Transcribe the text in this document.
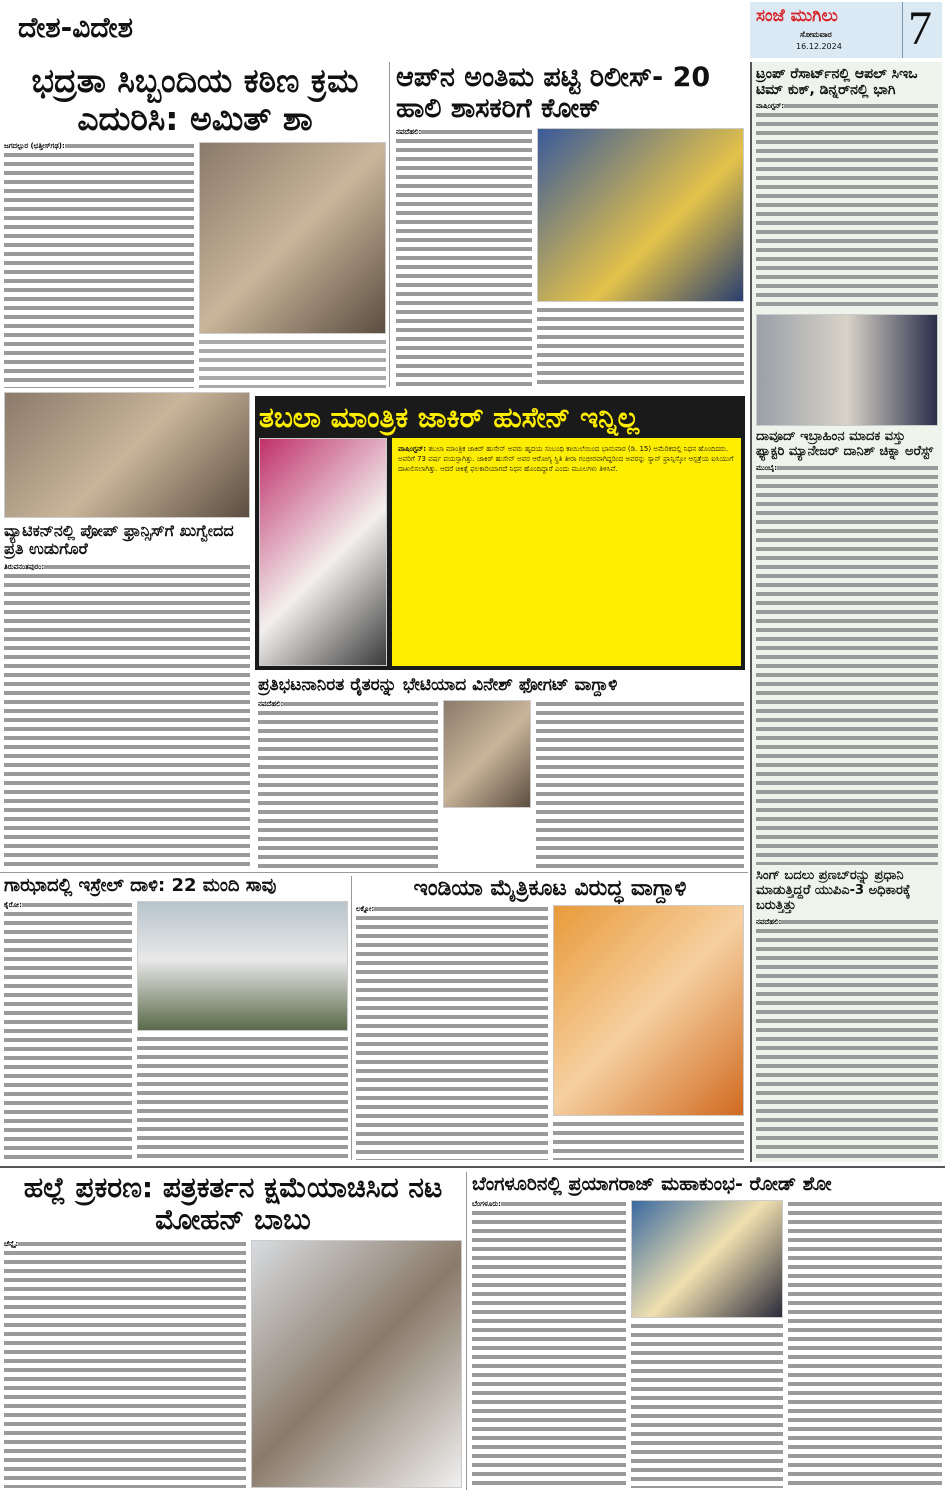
ದೇಶ-ವಿದೇಶ	ಸಂಜೆ ಮುಗಿಲು
ಸೋಮವಾರ
16.12.2024 7
ಭದ್ರತಾ ಸಿಬ್ಬಂದಿಯ ಕಠಿಣ ಕ್ರಮ ಎದುರಿಸಿ: ಅಮಿತ್ ಶಾ
ಜಗದಲ್ಪುರ (ಛತ್ತೀಸ್‌ಗಢ):
ಆಪ್‌ನ ಅಂತಿಮ ಪಟ್ಟಿ ರಿಲೀಸ್- 20 ಹಾಲಿ ಶಾಸಕರಿಗೆ ಕೋಕ್
ನವದೆಹಲಿ:
ಟ್ರಂಪ್ ರೆಸಾರ್ಟ್‌ನಲ್ಲಿ ಆಪಲ್ ಸಿಇಒ ಟಿಮ್ ಕುಕ್, ಡಿನ್ನರ್‌ನಲ್ಲಿ ಭಾಗಿ
ವಾಷಿಂಗ್ಟನ್:
ದಾವೂದ್ ಇಬ್ರಾಹಿಂನ ಮಾದಕ ವಸ್ತು ಫ್ಯಾಕ್ಟರಿ ಮ್ಯಾನೇಜರ್ ದಾನಿಶ್ ಚಿಕ್ನಾ ಅರೆಸ್ಟ್
ಮುಂಬೈ:
ಸಿಂಗ್ ಬದಲು ಪ್ರಣಬ್‌ರನ್ನು ಪ್ರಧಾನಿ ಮಾಡುತ್ತಿದ್ದರೆ ಯುಪಿಎ-3 ಅಧಿಕಾರಕ್ಕೆ ಬರುತ್ತಿತ್ತು
ನವದೆಹಲಿ:
ವ್ಯಾಟಿಕನ್‌ನಲ್ಲಿ ಪೋಪ್ ಫ್ರಾನ್ಸಿಸ್‌ಗೆ ಖುಗ್ವೇದದ ಪ್ರತಿ ಉಡುಗೊರೆ
ತಿರುವನಂತಪುರಂ:
ತಬಲಾ ಮಾಂತ್ರಿಕ ಜಾಕಿರ್ ಹುಸೇನ್ ಇನ್ನಿಲ್ಲ
ವಾಷಿಂಗ್ಟನ್: ತಬಲಾ ಮಾಂತ್ರಿಕ ಜಾಕಿರ್ ಹುಸೇನ್ ಅವರು ಹೃದಯ ಸಂಬಂಧಿ ಕಾಯಿಲೆಯಿಂದ ಭಾನುವಾರ (ಡಿ. 15) ಅಮೆರಿಕದಲ್ಲಿ ನಿಧನ ಹೊಂದಿದರು. ಅವರಿಗೆ 73 ವರ್ಷ ವಯಸ್ಸಾಗಿತ್ತು. ಜಾಕಿರ್ ಹುಸೇನ್ ಅವರ ಆರೋಗ್ಯ ಸ್ಥಿತಿ ತೀರಾ ಗಂಭೀರವಾಗಿದ್ದರಿಂದ ಅವರನ್ನು ಸ್ಯಾನ್ ಫ್ರಾನ್ಸಿಸ್ಕೋ ಆಸ್ಪತ್ರೆಯ ಐಸಿಯುಗೆ ದಾಖಲಿಸಲಾಗಿತ್ತು. ಆದರೆ ಚಿಕಿತ್ಸೆ ಫಲಕಾರಿಯಾಗದೆ ನಿಧನ ಹೊಂದಿದ್ದಾರೆ ಎಂದು ಮೂಲಗಳು ತಿಳಿಸಿವೆ.
ಪ್ರತಿಭಟನಾನಿರತ ರೈತರನ್ನು ಭೇಟಿಯಾದ ವಿನೇಶ್ ಫೋಗಟ್ ವಾಗ್ದಾಳಿ
ನವದೆಹಲಿ:
ಗಾಝಾದಲ್ಲಿ ಇಸ್ರೇಲ್ ದಾಳಿ: 22 ಮಂದಿ ಸಾವು
ಕೈರೋ:
ಇಂಡಿಯಾ ಮೈತ್ರಿಕೂಟ ವಿರುದ್ಧ ವಾಗ್ದಾಳಿ
ಲಕ್ನೋ:
ಹಲ್ಲೆ ಪ್ರಕರಣ: ಪತ್ರಕರ್ತನ ಕ್ಷಮೆಯಾಚಿಸಿದ ನಟ ಮೋಹನ್ ಬಾಬು
ಚೆನ್ನೈ:
ಬೆಂಗಳೂರಿನಲ್ಲಿ ಪ್ರಯಾಗರಾಜ್ ಮಹಾಕುಂಭ- ರೋಡ್ ಶೋ
ಬೆಂಗಳೂರು:
